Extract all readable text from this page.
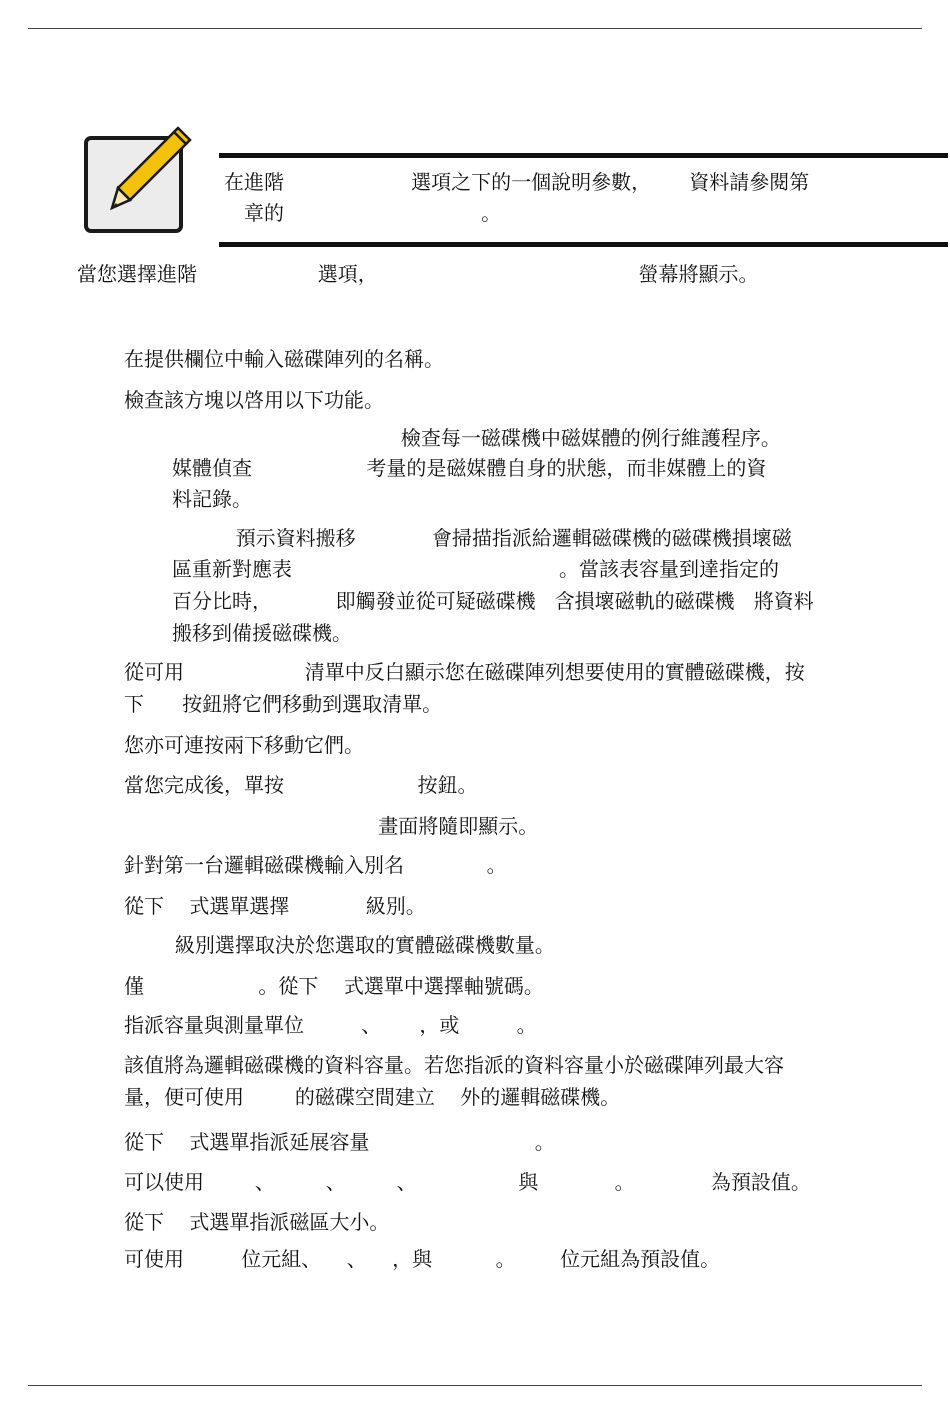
在進階                    選項之下的一個說明參數，      資料請參閱第
章的                               。
當您選擇進階                   選項，                                         螢幕將顯示。
在提供欄位中輸入磁碟陣列的名稱。
檢查該方塊以啓用以下功能。
檢查每一磁碟機中磁媒體的例行維護程序。
媒體偵查                  考量的是磁媒體自身的狀態，而非媒體上的資
料記錄。
預示資料搬移            會掃描指派給邏輯磁碟機的磁碟機損壞磁
區重新對應表                                          。當該表容量到達指定的
百分比時，          即觸發並從可疑磁碟機   含損壞磁軌的磁碟機   將資料
搬移到備援磁碟機。
從可用                   清單中反白顯示您在磁碟陣列想要使用的實體磁碟機，按
下      按鈕將它們移動到選取清單。
您亦可連按兩下移動它們。
當您完成後，單按                     按鈕。
畫面將隨即顯示。
針對第一台邏輯磁碟機輸入別名             。
從下    式選單選擇            級別。
級別選擇取決於您選取的實體磁碟機數量。
僅                  。從下    式選單中選擇軸號碼。
指派容量與測量單位         、      ，或         。
該值將為邏輯磁碟機的資料容量。若您指派的資料容量小於磁碟陣列最大容
量，便可使用        的磁碟空間建立    外的邏輯磁碟機。
從下    式選單指派延展容量                          。
可以使用        、        、        、                與            。            為預設值。
從下    式選單指派磁區大小。
可使用         位元組、    、    ，與          。       位元組為預設值。
